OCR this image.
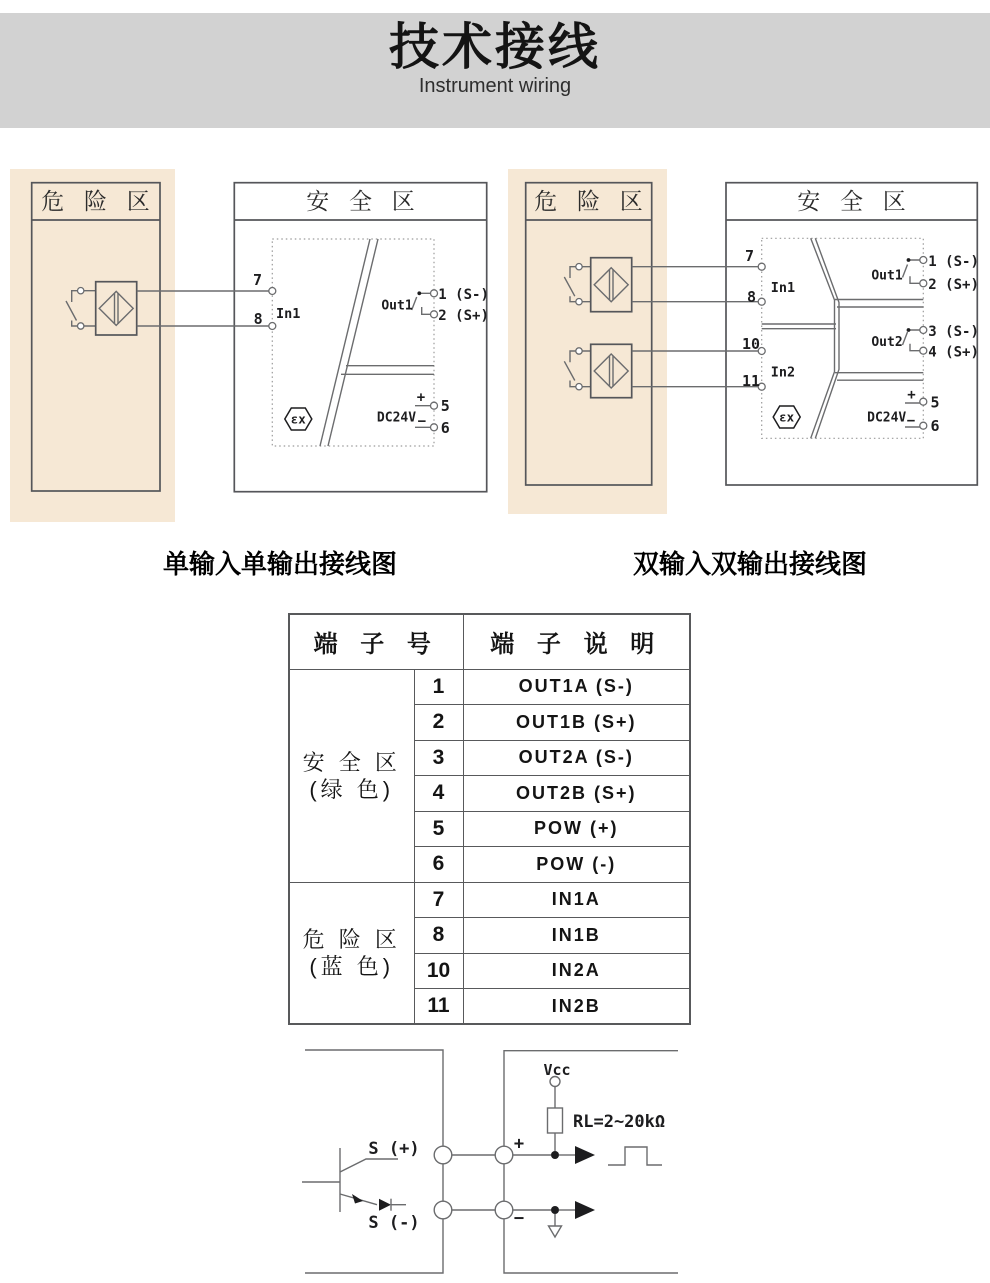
技术接线
Instrument wiring
危 险 区	安 全 区
7
8 In1	Out1
1 (S-)
2 (S+)
DC24V
+
−
5
6
εx
危 险 区	安 全 区
7
8
10
11
In1
In2
Out1
1 (S-)
2 (S+)
Out2
3 (S-)
4 (S+)
DC24V
+
−
5
6
εx
单输入单输出接线图	双输入双输出接线图
端 子 号		端 子 说 明

安 全 区
(绿 色)	1	OUT1A (S-)
	2	OUT1B (S+)
	3	OUT2A (S-)
	4	OUT2B (S+)
	5	POW (+)
	6	POW (-)

危 险 区
(蓝 色)	7	IN1A
	8	IN1B
	10	IN2A
	11	IN2B
S (+)
S (-)
+
−
Vcc
RL=2~20kΩ
